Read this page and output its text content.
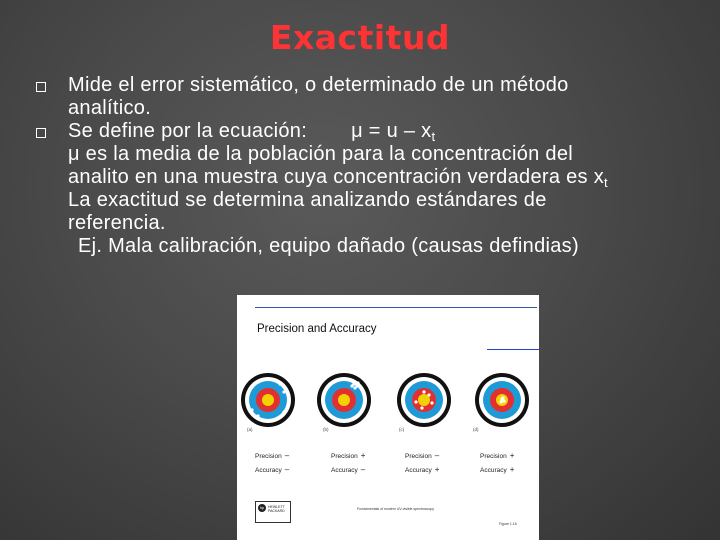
Exactitud
Mide el error sistemático, o determinado de un método
analítico.
Se define por la ecuación: $\mu = u - x_t$
μ es la media de la población para la concentración del
analito en una muestra cuya concentración verdadera es $x_t$
La exactitud se determina analizando estándares de
referencia.
Ej. Mala calibración, equipo dañado (causas defindias)
Precision and Accuracy
(a)	(b)	(c)	(d)
Precision –
Accuracy –
Precision +
Accuracy –
Precision –
Accuracy +
Precision +
Accuracy +
hp	HEWLETT PACKARD	Fundamentals of modern UV-visible spectroscopy
Figure 1.16
